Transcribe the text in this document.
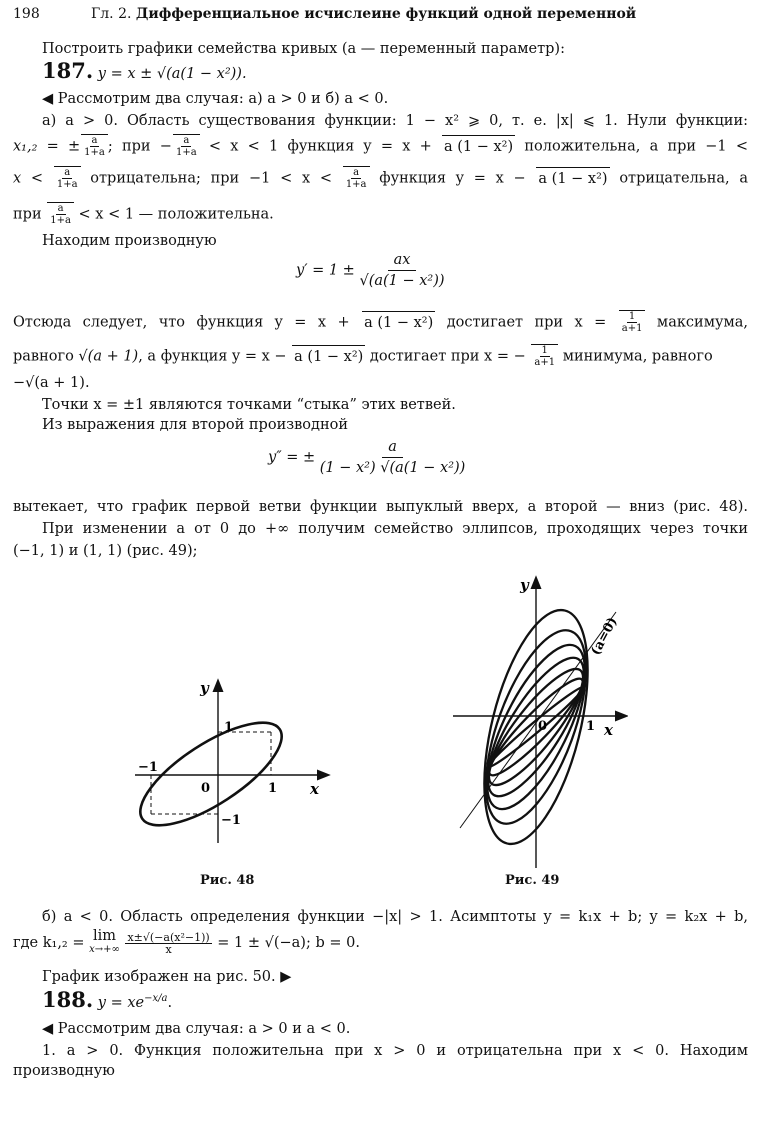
198	Гл. 2. Дифференциальное исчислеине функций одной переменной
Построить графики семейства кривых (a — переменный параметр):
187. y = x ± √(a(1 − x²)).
◀ Рассмотрим два случая: а) a > 0 и б) a < 0.
а) a > 0. Область существования функции: 1 − x² ⩾ 0, т. е. |x| ⩽ 1. Нули функции:
x₁,₂ = ± $\frac{a}{1+a}$ ; при − $\frac{a}{1+a} < x < 1$ функция y = x + a (1 − x²) положительна, а при −1 <
$x < \frac{a}{1+a}$ отрицательна; при $-1 < x < \frac{a}{1+a}$ функция y = x − a (1 − x²) отрицательна, а
при $\frac{a}{1+a} < x < 1$ — положительна.
Находим производную
$y' = 1 \pm \frac{ax}{\text{√(a(1 − x²))}}$
Отсюда следует, что функция y = x + a (1 − x²) достигает при $x = \frac{1}{a+1}$ максимума,
равного √(a + 1), а функция y = x − a (1 − x²) достигает при x = − $\frac{1}{a+1}$ минимума, равного
−√(a + 1).
Точки x = ±1 являются точками “стыка” этих ветвей.
Из выражения для второй производной
y″ = ± $\frac{a}{\text{(1 − x²) √(a(1 − x²))}}$
вытекает, что график первой ветви функции выпуклый вверх, а второй — вниз (рис. 48).
При изменении a от 0 до +∞ получим семейство эллипсов, проходящих через точки
(−1, 1) и (1, 1) (рис. 49);
y
x
1
−1
0	1
−1
Рис. 48
y
x
0	1
(a=0)
Рис. 49
б) a < 0. Область определения функции −|x| > 1. Асимптоты y = k₁x + b; y = k₂x + b,
где k₁,₂ = lim
x→+∞
$\frac{\text{x±√(−a(x²−1))}}{x} = 1 \pm √(-a)$; b = 0.
График изображен на рис. 50. ▶
188. $y = xe^{-x/a}$.
◀ Рассмотрим два случая: a > 0 и a < 0.
1. a > 0. Функция положительна при x > 0 и отрицательна при x < 0. Находим
производную
